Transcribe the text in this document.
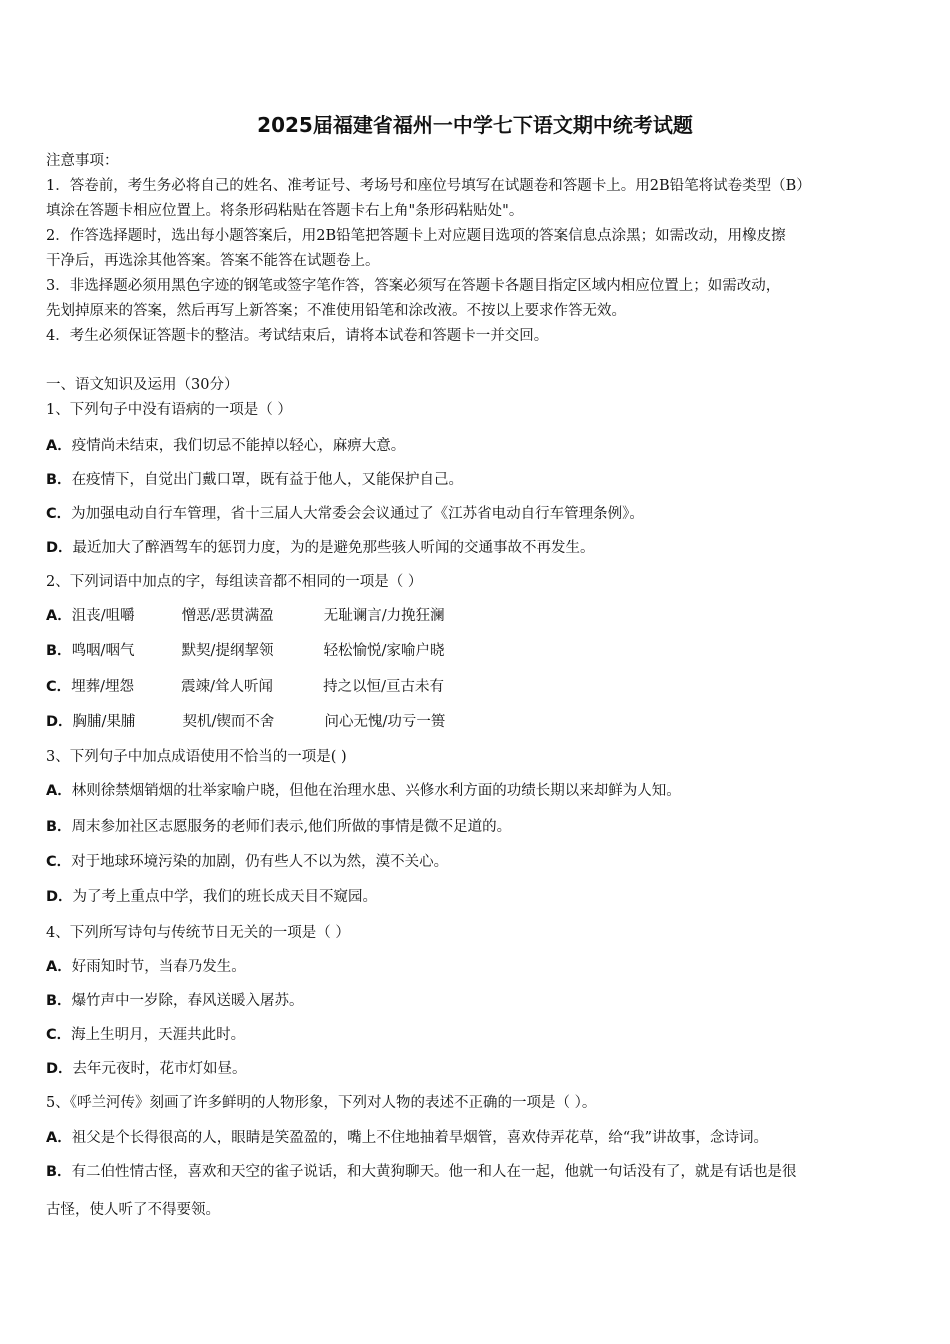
2025届福建省福州一中学七下语文期中统考试题
注意事项：
1．答卷前，考生务必将自己的姓名、准考证号、考场号和座位号填写在试题卷和答题卡上。用2B铅笔将试卷类型（B）
填涂在答题卡相应位置上。将条形码粘贴在答题卡右上角"条形码粘贴处"。
2．作答选择题时，选出每小题答案后，用2B铅笔把答题卡上对应题目选项的答案信息点涂黑；如需改动，用橡皮擦
干净后，再选涂其他答案。答案不能答在试题卷上。
3．非选择题必须用黑色字迹的钢笔或签字笔作答，答案必须写在答题卡各题目指定区域内相应位置上；如需改动，
先划掉原来的答案，然后再写上新答案；不准使用铅笔和涂改液。不按以上要求作答无效。
4．考生必须保证答题卡的整洁。考试结束后，请将本试卷和答题卡一并交回。
一、语文知识及运用（30分）
1、下列句子中没有语病的一项是（ ）
A．疫情尚未结束，我们切忌不能掉以轻心，麻痹大意。
B．在疫情下，自觉出门戴口罩，既有益于他人，又能保护自己。
C．为加强电动自行车管理，省十三届人大常委会会议通过了《江苏省电动自行车管理条例》。
D．最近加大了醉酒驾车的惩罚力度，为的是避免那些骇人听闻的交通事故不再发生。
2、下列词语中加点的字，每组读音都不相同的一项是（ ）
A．沮丧/咀嚼	憎恶/恶贯满盈	无耻谰言/力挽狂澜
B．鸣咽/咽气	默契/提纲挈领	轻松愉悦/家喻户晓
C．埋葬/埋怨	震竦/耸人听闻	持之以恒/亘古未有
D．胸脯/果脯	契机/锲而不舍	问心无愧/功亏一篑
3、下列句子中加点成语使用不恰当的一项是( )
A．林则徐禁烟销烟的壮举家喻户晓，但他在治理水患、兴修水利方面的功绩长期以来却鲜为人知。
B．周末参加社区志愿服务的老师们表示,他们所做的事情是微不足道的。
C．对于地球环境污染的加剧，仍有些人不以为然，漠不关心。
D．为了考上重点中学，我们的班长成天目不窥园。
4、下列所写诗句与传统节日无关的一项是（ ）
A．好雨知时节，当春乃发生。
B．爆竹声中一岁除，春风送暖入屠苏。
C．海上生明月，天涯共此时。
D．去年元夜时，花市灯如昼。
5、《呼兰河传》刻画了许多鲜明的人物形象，下列对人物的表述不正确的一项是（ ）。
A．祖父是个长得很高的人，眼睛是笑盈盈的，嘴上不住地抽着旱烟管，喜欢侍弄花草，给“我”讲故事，念诗词。
B．有二伯性情古怪，喜欢和天空的雀子说话，和大黄狗聊天。他一和人在一起，他就一句话没有了，就是有话也是很
古怪，使人听了不得要领。
